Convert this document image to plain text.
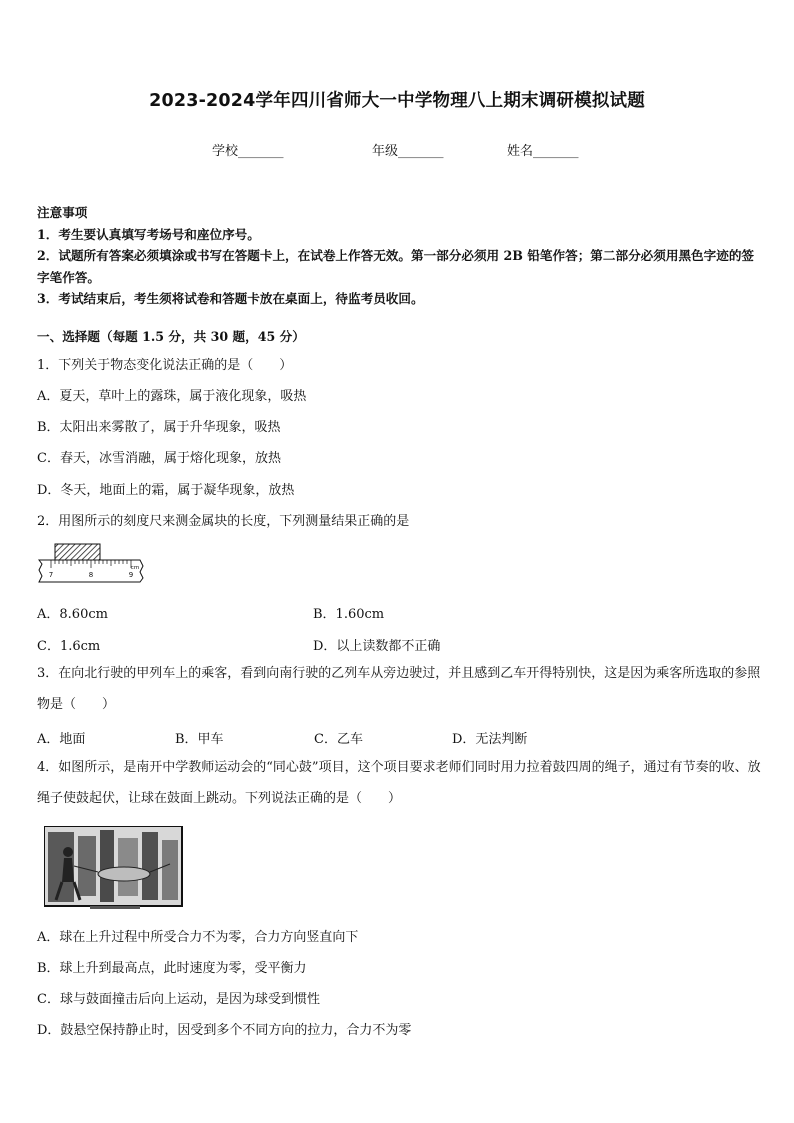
2023-2024学年四川省师大一中学物理八上期末调研模拟试题
学校_______	年级_______	姓名_______

注意事项

1．考生要认真填写考场号和座位序号。

2．试题所有答案必须填涂或书写在答题卡上，在试卷上作答无效。第一部分必须用 2B 铅笔作答；第二部分必须用黑色字迹的签字笔作答。

3．考试结束后，考生须将试卷和答题卡放在桌面上，待监考员收回。

一、选择题（每题 1.5 分，共 30 题，45 分）
1．下列关于物态变化说法正确的是（　　）
A．夏天，草叶上的露珠，属于液化现象，吸热
B．太阳出来雾散了，属于升华现象，吸热
C．春天，冰雪消融，属于熔化现象，放热
D．冬天，地面上的霜，属于凝华现象，放热
2．用图所示的刻度尺来测金属块的长度，下列测量结果正确的是
7	8	9
cm
A．8.60cm	B．1.60cm
C．1.6cm	D．以上读数都不正确
3．在向北行驶的甲列车上的乘客，看到向南行驶的乙列车从旁边驶过，并且感到乙车开得特别快，这是因为乘客所选取的参照物是（　　）
A．地面	B．甲车	C．乙车	D．无法判断
4．如图所示，是南开中学教师运动会的“同心鼓”项目，这个项目要求老师们同时用力拉着鼓四周的绳子，通过有节奏的收、放绳子使鼓起伏，让球在鼓面上跳动。下列说法正确的是（　　）
A．球在上升过程中所受合力不为零，合力方向竖直向下
B．球上升到最高点，此时速度为零，受平衡力
C．球与鼓面撞击后向上运动，是因为球受到惯性
D．鼓悬空保持静止时，因受到多个不同方向的拉力，合力不为零
